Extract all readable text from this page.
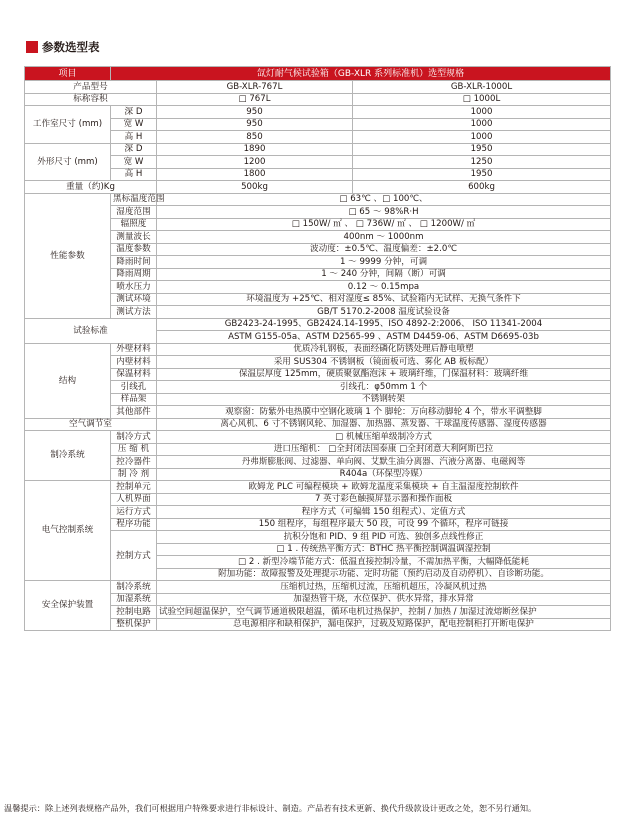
参数选型表
项目	氙灯耐气候试验箱（GB-XLR 系列标准机）选型规格		
产品型号		GB-XLR-767L	GB-XLR-1000L
标称容积		□ 767L	□ 1000L
工作室尺寸 (mm)	深 D	950	1000
	宽 W	950	1000
	高 H	850	1000
外形尺寸 (mm)	深 D	1890	1950
	宽 W	1200	1250
	高 H	1800	1950
重量（约)Kg		500kg	600kg
性能参数	黑标温度范围	□ 63℃ 、□ 100℃、	
	湿度范围	□ 65 ～ 98%R·H	
	辐照度	□ 150W/ ㎡ 、 □ 736W/ ㎡ 、 □ 1200W/ ㎡	
	测量波长	400nm ～ 1000nm	
	温度参数	波动度：±0.5℃、温度偏差：±2.0℃	
	降雨时间	1 ～ 9999 分钟，可调	
	降雨周期	1 ～ 240 分钟，间隔（断）可调	
	喷水压力	0.12 ～ 0.15mpa	
	测试环境	环境温度为 +25℃、相对湿度≤ 85%、试验箱内无试样、无换气条件下	
	测试方法	GB/T 5170.2-2008 温度试验设备	
试验标准		GB2423-24-1995、GB2424.14-1995、ISO 4892-2:2006、 ISO 11341-2004	
		ASTM G155-05a、ASTM D2565-99 、ASTM D4459-06、ASTM D6695-03b	
结构	外壁材料	优质冷轧钢板，表面经磷化防锈处理后静电喷塑	
	内壁材料	采用 SUS304 不锈钢板（镜面板可选、雾化 AB 板标配）	
	保温材料	保温层厚度 125mm，硬质聚氨酯泡沫 + 玻璃纤维，门保温材料：玻璃纤维	
	引线孔	引线孔：φ50mm 1 个	
	样品架	不锈钢转架	
	其他部件	观察窗：防紫外电热膜中空钢化玻璃 1 个 脚轮：万向移动脚轮 4 个，带水平调整脚	
空气调节室		离心风机、6 寸不锈钢风轮、加湿器、加热器、蒸发器、干球温度传感器、湿度传感器	
制冷系统	制冷方式	□ 机械压缩单级制冷方式	
	压 缩 机	进口压缩机： □全封闭法国泰康 □全封闭意大利阿斯巴拉	
	控冷器件	丹弗斯膨胀阀、过滤器、单向阀、艾默生油分离器、汽液分离器、电磁阀等	
	制 冷 剂	R404a（环保型冷媒）	
电气控制系统	控制单元	欧姆龙 PLC 可编程模块 + 欧姆龙温度采集模块 + 自主温湿度控制软件	
	人机界面	7 英寸彩色触摸屏显示器和操作面板	
	运行方式	程序方式（可编辑 150 组程式）、定值方式	
	程序功能	150 组程序，每组程序最大 50 段，可设 99 个循环，程序可链接	
	控制方式	抗积分饱和 PID、9 组 PID 可选、独创多点线性修正	
		□ 1 . 传统热平衡方式：BTHC 热平衡控制调温调湿控制	
		□ 2 . 新型冷端节能方式：低温直接控制冷量，不需加热平衡，大幅降低能耗	
		附加功能：故障报警及处理提示功能、定时功能（预约启动及自动停机）、自诊断功能。	
安全保护装置	制冷系统	压缩机过热，压缩机过流，压缩机超压，冷凝风机过热	
	加湿系统	加湿热管干烧，水位保护、供水异常，排水异常	
	控制电路	试验空间超温保护，空气调节通道极限超温，循环电机过热保护，控制 / 加热 / 加湿过流熔断丝保护	
	整机保护	总电源相序和缺相保护，漏电保护，过载及短路保护，配电控制柜打开断电保护	
温馨提示：除上述列表规格产品外，我们可根据用户特殊要求进行非标设计、制造。产品若有技术更新、换代升级款设计更改之处，恕不另行通知。
